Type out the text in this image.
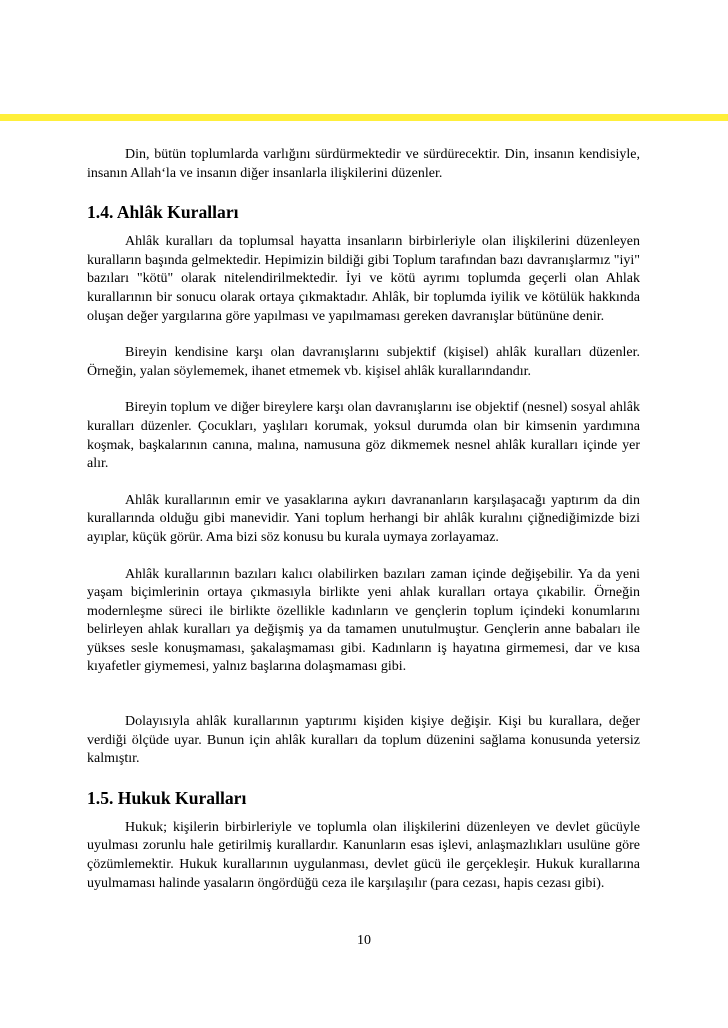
Din, bütün toplumlarda varlığını sürdürmektedir ve sürdürecektir. Din, insanın kendisiyle, insanın Allah‘la ve insanın diğer insanlarla ilişkilerini düzenler.

1.4. Ahlâk Kuralları

Ahlâk kuralları da toplumsal hayatta insanların birbirleriyle olan ilişkilerini düzenleyen kuralların başında gelmektedir. Hepimizin bildiği gibi Toplum tarafından bazı davranışlarmız "iyi" bazıları "kötü" olarak nitelendirilmektedir. İyi ve kötü ayrımı toplumda geçerli olan Ahlak kurallarının bir sonucu olarak ortaya çıkmaktadır. Ahlâk, bir toplumda iyilik ve kötülük hakkında oluşan değer yargılarına göre yapılması ve yapılmaması gereken davranışlar bütününe denir.

Bireyin kendisine karşı olan davranışlarını subjektif (kişisel) ahlâk kuralları düzenler. Örneğin, yalan söylememek, ihanet etmemek vb. kişisel ahlâk kurallarındandır.

Bireyin toplum ve diğer bireylere karşı olan davranışlarını ise objektif (nesnel) sosyal ahlâk kuralları düzenler. Çocukları, yaşlıları korumak, yoksul durumda olan bir kimsenin yardımına koşmak, başkalarının canına, malına, namusuna göz dikmemek nesnel ahlâk kuralları içinde yer alır.

Ahlâk kurallarının emir ve yasaklarına aykırı davrananların karşılaşacağı yaptırım da din kurallarında olduğu gibi manevidir. Yani toplum herhangi bir ahlâk kuralını çiğnediğimizde bizi ayıplar, küçük görür. Ama bizi söz konusu bu kurala uymaya zorlayamaz.

Ahlâk kurallarının bazıları kalıcı olabilirken bazıları zaman içinde değişebilir. Ya da yeni yaşam biçimlerinin ortaya çıkmasıyla birlikte yeni ahlak kuralları ortaya çıkabilir. Örneğin modernleşme süreci ile birlikte özellikle kadınların ve gençlerin toplum içindeki konumlarını belirleyen ahlak kuralları ya değişmiş ya da tamamen unutulmuştur. Gençlerin anne babaları ile yükses sesle konuşmaması, şakalaşmaması gibi. Kadınların iş hayatına girmemesi, dar ve kısa kıyafetler giymemesi, yalnız başlarına dolaşmaması gibi.

Dolayısıyla ahlâk kurallarının yaptırımı kişiden kişiye değişir. Kişi bu kurallara, değer verdiği ölçüde uyar. Bunun için ahlâk kuralları da toplum düzenini sağlama konusunda yetersiz kalmıştır.

1.5. Hukuk Kuralları

Hukuk; kişilerin birbirleriyle ve toplumla olan ilişkilerini düzenleyen ve devlet gücüyle uyulması zorunlu hale getirilmiş kurallardır. Kanunların esas işlevi, anlaşmazlıkları usulüne göre çözümlemektir. Hukuk kurallarının uygulanması, devlet gücü ile gerçekleşir. Hukuk kurallarına uyulmaması halinde yasaların öngördüğü ceza ile karşılaşılır (para cezası, hapis cezası gibi).

10
